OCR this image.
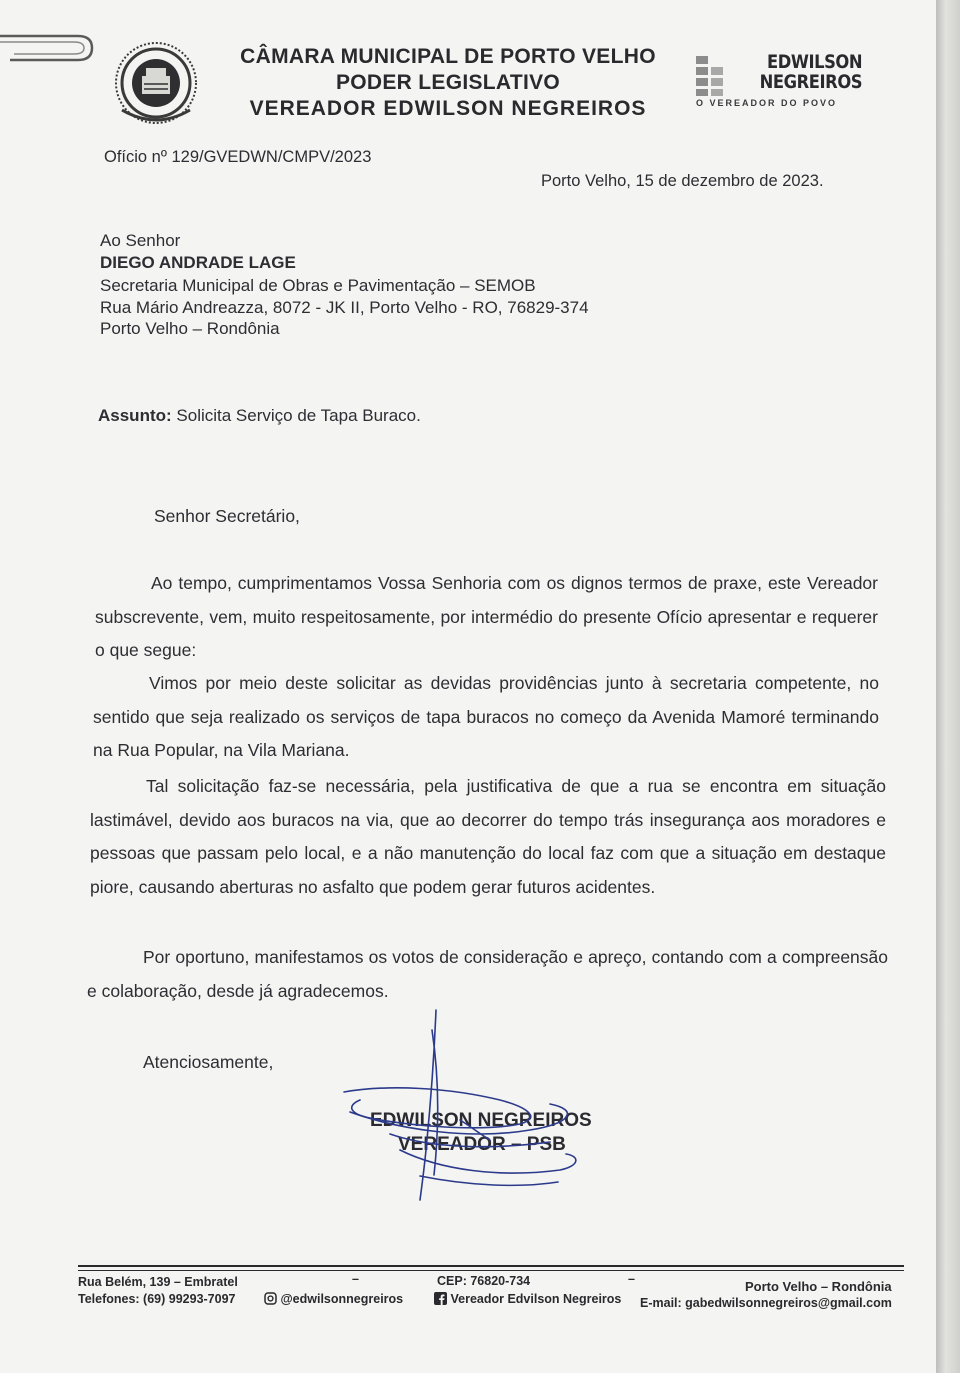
CÂMARA MUNICIPAL DE PORTO VELHO
PODER LEGISLATIVO
VEREADOR EDWILSON NEGREIROS
EDWILSON
NEGREIROS
O VEREADOR DO POVO
Ofício nº 129/GVEDWN/CMPV/2023
Porto Velho, 15 de dezembro de 2023.
Ao Senhor
DIEGO ANDRADE LAGE
Secretaria Municipal de Obras e Pavimentação – SEMOB
Rua Mário Andreazza, 8072 - JK II, Porto Velho - RO, 76829-374
Porto Velho – Rondônia
Assunto: Solicita Serviço de Tapa Buraco.
Senhor Secretário,
Ao tempo, cumprimentamos Vossa Senhoria com os dignos termos de praxe, este Vereador subscrevente, vem, muito respeitosamente, por intermédio do presente Ofício apresentar e requerer o que segue:
Vimos por meio deste solicitar as devidas providências junto à secretaria competente, no sentido que seja realizado os serviços de tapa buracos no começo da Avenida Mamoré terminando na Rua Popular, na Vila Mariana.
Tal solicitação faz-se necessária, pela justificativa de que a rua se encontra em situação lastimável, devido aos buracos na via, que ao decorrer do tempo trás insegurança aos moradores e pessoas que passam pelo local, e a não manutenção do local faz com que a situação em destaque piore, causando aberturas no asfalto que podem gerar futuros acidentes.
Por oportuno, manifestamos os votos de consideração e apreço, contando com a compreensão e colaboração, desde já agradecemos.
Atenciosamente,
EDWILSON NEGREIROS
VEREADOR – PSB
Rua Belém, 139 – Embratel	–	CEP: 76820-734	–	Porto Velho – Rondônia
Telefones: (69) 99293-7097	@edwilsonnegreiros	Vereador Edvilson Negreiros E-mail: gabedwilsonnegreiros@gmail.com
